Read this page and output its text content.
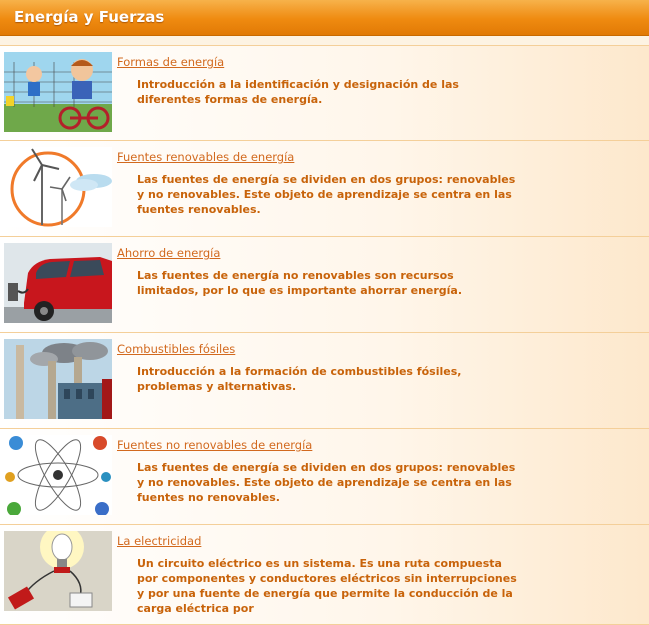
Energía y Fuerzas
Formas de energía

Introducción a la identificación y designación de las diferentes formas de energía.

Fuentes renovables de energía

Las fuentes de energía se dividen en dos grupos: renovables y no renovables. Este objeto de aprendizaje se centra en las fuentes renovables.

Ahorro de energía

Las fuentes de energía no renovables son recursos limitados, por lo que es importante ahorrar energía.

Combustibles fósiles

Introducción a la formación de combustibles fósiles, problemas y alternativas.

Fuentes no renovables de energía

Las fuentes de energía se dividen en dos grupos: renovables y no renovables. Este objeto de aprendizaje se centra en las fuentes no renovables.

La electricidad

Un circuito eléctrico es un sistema. Es una ruta compuesta por componentes y conductores eléctricos sin interrupciones y por una fuente de energía que permite la conducción de la carga eléctrica por
